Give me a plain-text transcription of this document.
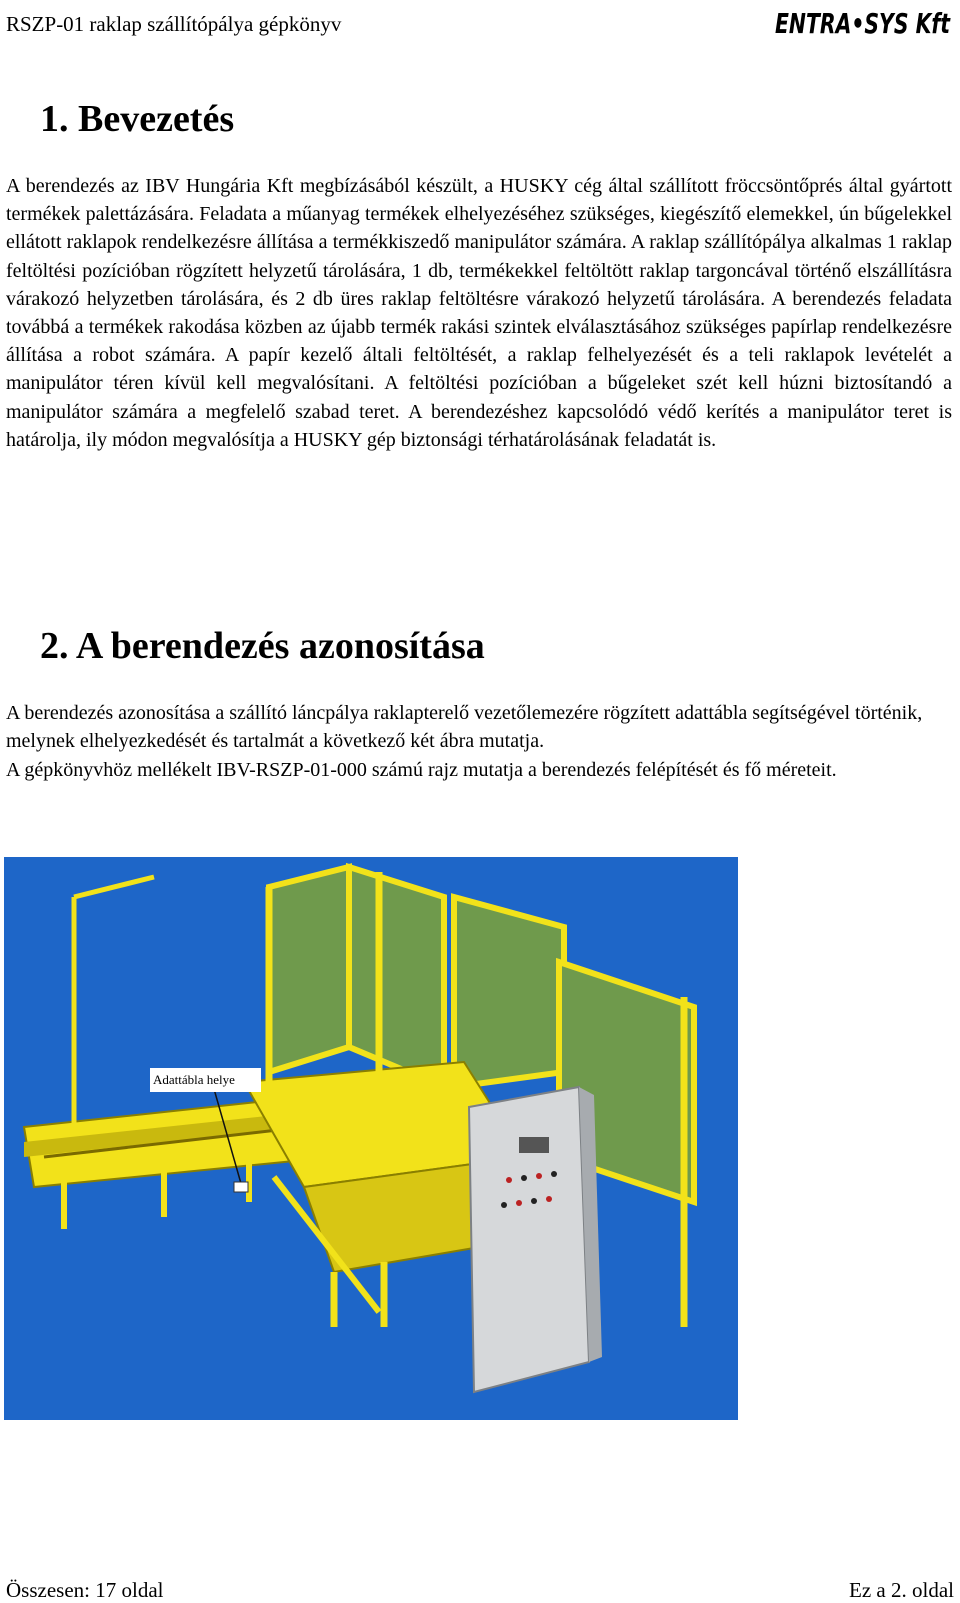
RSZP-01 raklap szállítópálya gépkönyv	ENTRA•SYS Kft
1. Bevezetés

A berendezés az IBV Hungária Kft megbízásából készült, a HUSKY cég által szállított fröccsöntőprés által gyártott termékek palettázására. Feladata a műanyag termékek elhelyezéséhez szükséges, kiegészítő elemekkel, ún bűgelekkel ellátott raklapok rendelkezésre állítása a termékkiszedő manipulátor számára. A raklap szállítópálya alkalmas 1 raklap feltöltési pozícióban rögzített helyzetű tárolására, 1 db, termékekkel feltöltött raklap targoncával történő elszállításra várakozó helyzetben tárolására, és 2 db üres raklap feltöltésre várakozó helyzetű tárolására. A berendezés feladata továbbá a termékek rakodása közben az újabb termék rakási szintek elválasztásához szükséges papírlap rendelkezésre állítása a robot számára. A papír kezelő általi feltöltését, a raklap felhelyezését és a teli raklapok levételét a manipulátor téren kívül kell megvalósítani. A feltöltési pozícióban a bűgeleket szét kell húzni biztosítandó a manipulátor számára a megfelelő szabad teret. A berendezéshez kapcsolódó védő kerítés a manipulátor teret is határolja, ily módon megvalósítja a HUSKY gép biztonsági térhatárolásának feladatát is.

2. A berendezés azonosítása

A berendezés azonosítása a szállító láncpálya raklapterelő vezetőlemezére rögzített adattábla segítségével történik, melynek elhelyezkedését és tartalmát a következő két ábra mutatja.

A gépkönyvhöz mellékelt IBV-RSZP-01-000 számú rajz mutatja a berendezés felépítését és fő méreteit.

Adattábla helye
Összesen: 17 oldal	Ez a 2. oldal
